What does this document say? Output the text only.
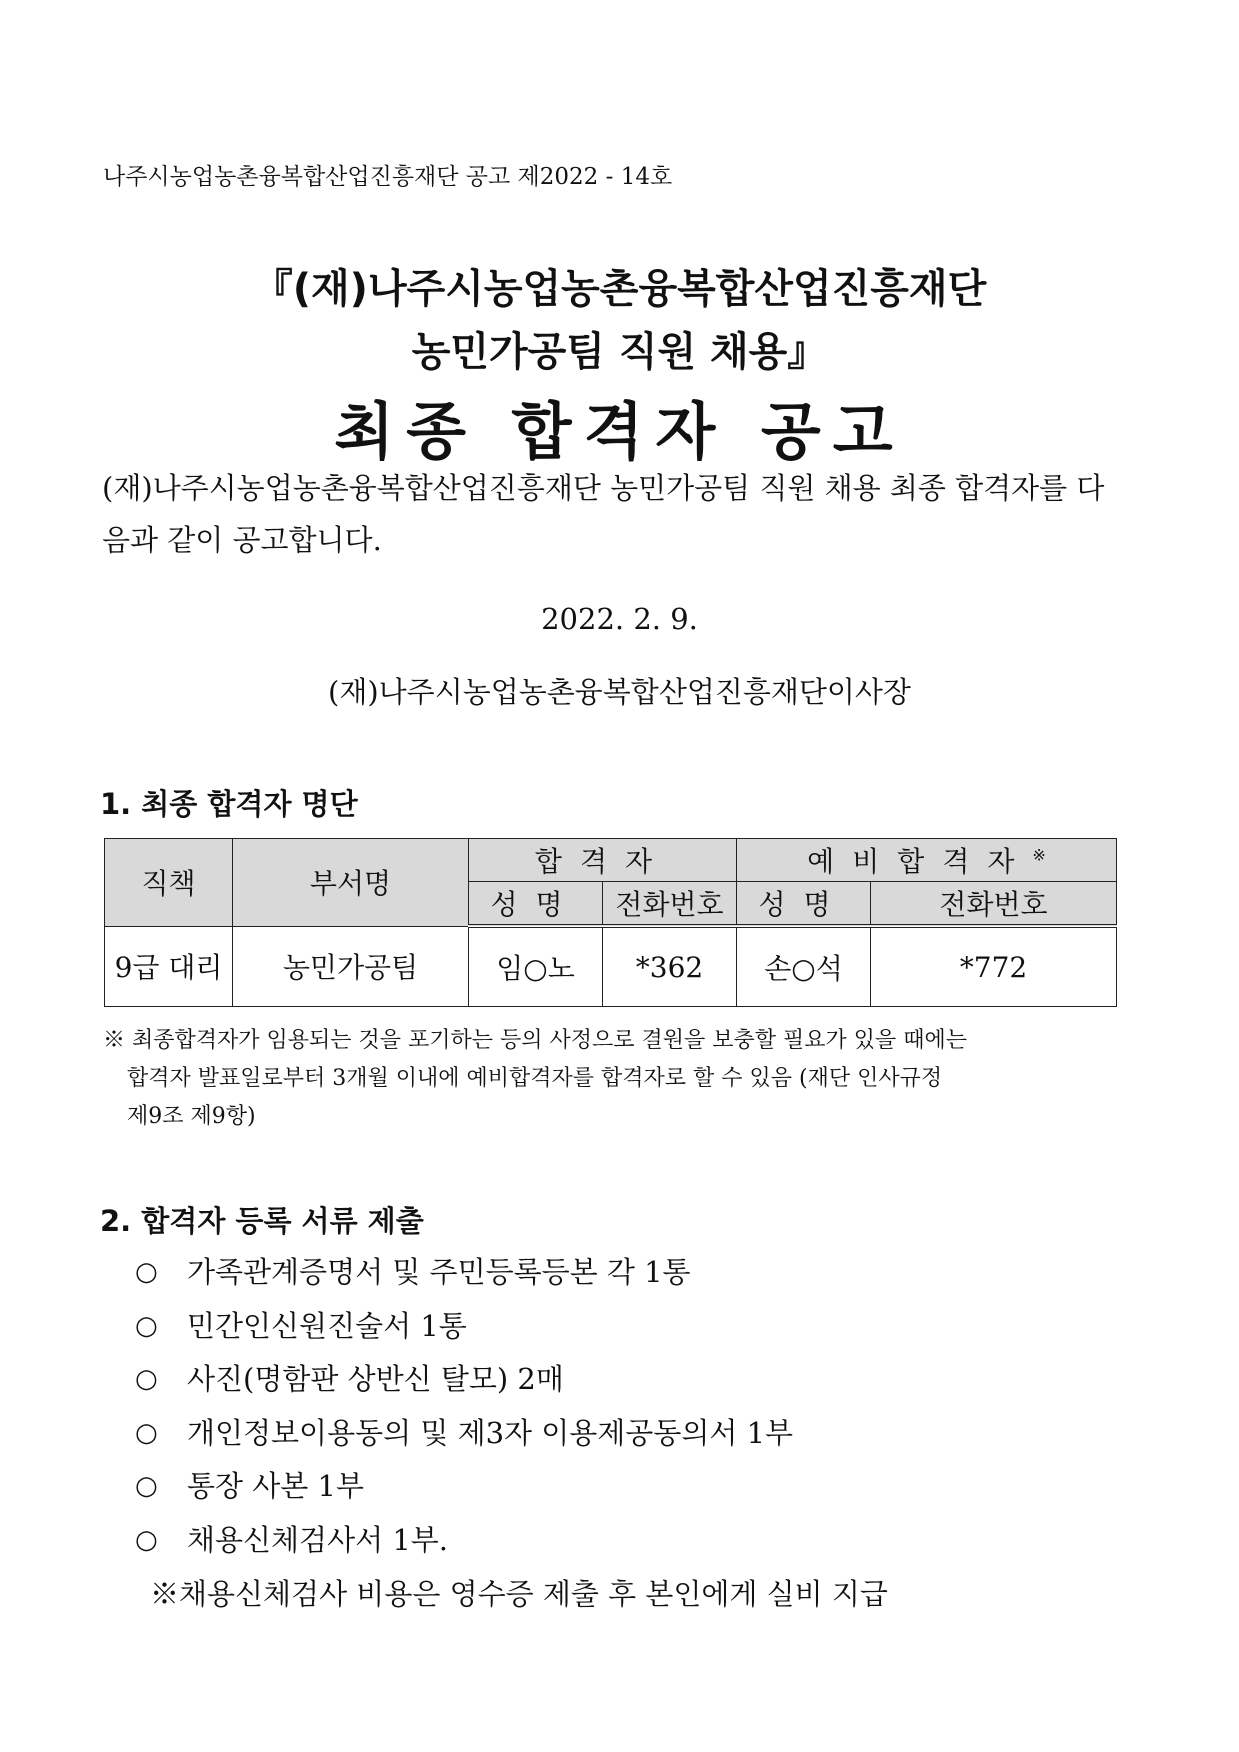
나주시농업농촌융복합산업진흥재단 공고 제2022 - 14호
『(재)나주시농업농촌융복합산업진흥재단
농민가공팀 직원 채용』
최종 합격자 공고
(재)나주시농업농촌융복합산업진흥재단 농민가공팀 직원 채용 최종 합격자를 다음과 같이 공고합니다.
2022. 2. 9.
(재)나주시농업농촌융복합산업진흥재단이사장
1. 최종 합격자 명단
직책	부서명	합격자		예비합격자※
		성명	전화번호	성명	전화번호
9급 대리	농민가공팀	임○노	*362	손○석	*772
※ 최종합격자가 임용되는 것을 포기하는 등의 사정으로 결원을 보충할 필요가 있을 때에는
합격자 발표일로부터 3개월 이내에 예비합격자를 합격자로 할 수 있음 (재단 인사규정
제9조 제9항)
2. 합격자 등록 서류 제출
○	가족관계증명서 및 주민등록등본 각 1통
○	민간인신원진술서 1통
○	사진(명함판 상반신 탈모) 2매
○	개인정보이용동의 및 제3자 이용제공동의서 1부
○	통장 사본 1부
○	채용신체검사서 1부.
※채용신체검사 비용은 영수증 제출 후 본인에게 실비 지급
